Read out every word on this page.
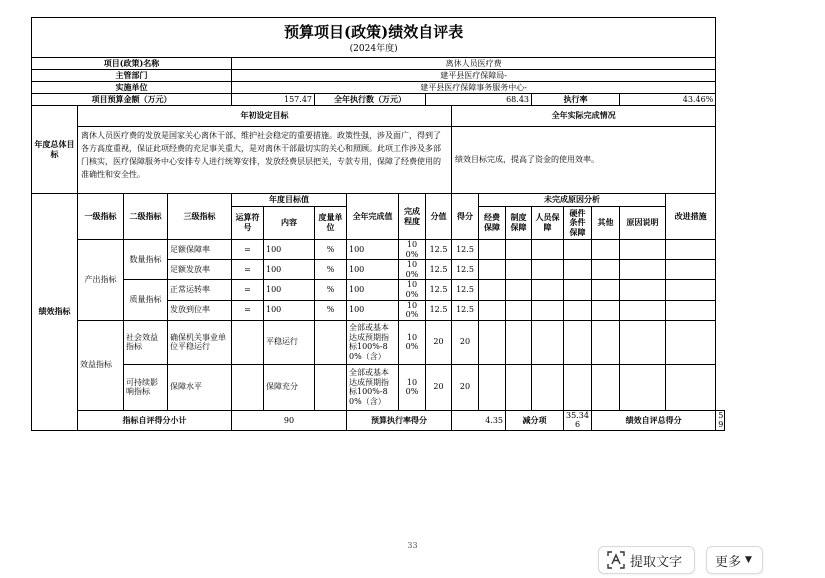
预算项目(政策)绩效自评表																		
(2024年度)																		
项目(政策)名称				离休人员医疗费														
主管部门				建平县医疗保障局-														
实施单位				建平县医疗保障事务服务中心-														
项目预算金额（万元）				157.47		全年执行数（万元）			68.43				执行率			43.46%		
年度总体目标	年初设定目标									全年实际完成情况								
	离休人员医疗费的发放是国家关心离休干部、维护社会稳定的重要措施。政策性强，涉及面广，得到了各方高度重视，保证此项经费的充足事关重大，是对离休干部最切实的关心和照顾。此项工作涉及多部门核实，医疗保障服务中心安排专人进行统筹安排，发放经费层层把关，专款专用，保障了经费使用的准确性和安全性。									绩效目标完成，提高了资金的使用效率。								
绩效指标	一级指标	二级指标	三级指标	年度目标值			全年完成值	完成程度	分值	得分	未完成原因分析						改进措施	
				运算符号	内容	度量单位					经费保障	制度保障	人员保障	硬件条件保障	其他	原因说明		
	产出指标	数量指标	足额保障率	=	100	%	100	100%	12.5	12.5								
			足额发放率	=	100	%	100	100%	12.5	12.5								
		质量指标	正常运转率	=	100	%	100	100%	12.5	12.5								
			发放到位率	=	100	%	100	100%	12.5	12.5								
	效益指标	社会效益指标	确保机关事业单位平稳运行		平稳运行		全部或基本达成预期指标100%-80%（含）	100%	20	20								
		可持续影响指标	保障水平		保障充分		全部或基本达成预期指标100%-80%（含）	100%	20	20								
	指标自评得分小计			90			预算执行率得分			4.35		减分项		35.346	绩效自评总得分			59
33
提取文字	更多 ▼
